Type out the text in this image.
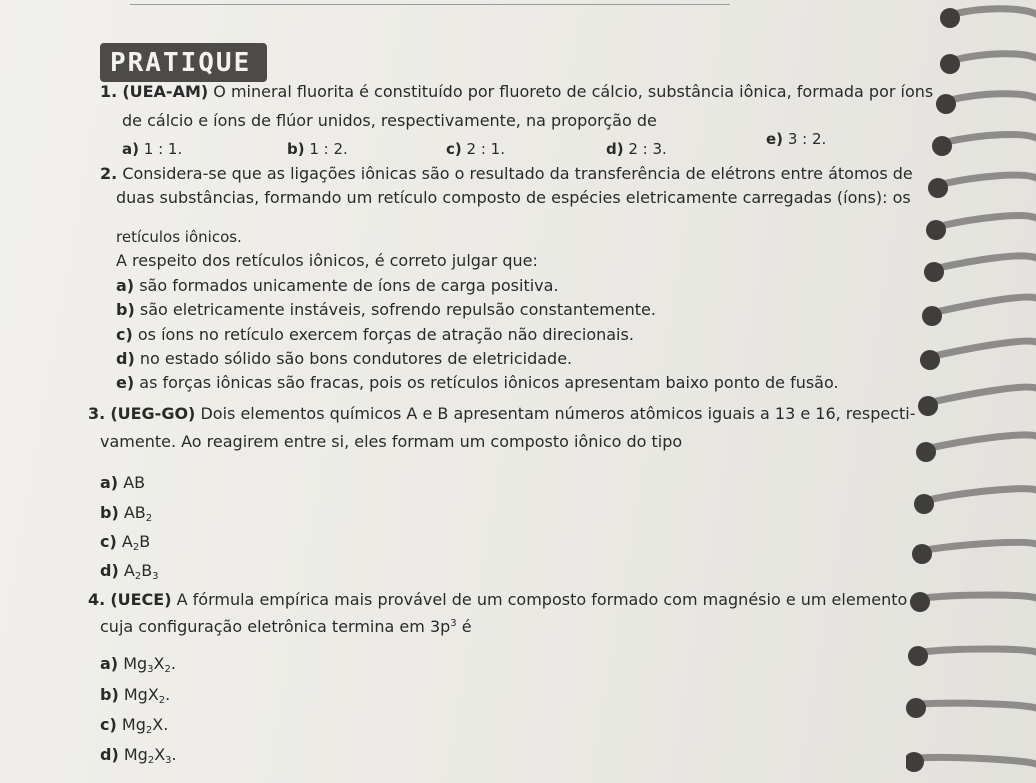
PRATIQUE
1. (UEA-AM) O mineral fluorita é constituído por fluoreto de cálcio, substância iônica, formada por íons
de cálcio e íons de flúor unidos, respectivamente, na proporção de
a) 1 : 1.	b) 1 : 2.	c) 2 : 1.	d) 2 : 3.
e) 3 : 2.
2. Considera-se que as ligações iônicas são o resultado da transferência de elétrons entre átomos de
duas substâncias, formando um retículo composto de espécies eletricamente carregadas (íons): os
retículos iônicos.
A respeito dos retículos iônicos, é correto julgar que:
a) são formados unicamente de íons de carga positiva.
b) são eletricamente instáveis, sofrendo repulsão constantemente.
c) os íons no retículo exercem forças de atração não direcionais.
d) no estado sólido são bons condutores de eletricidade.
e) as forças iônicas são fracas, pois os retículos iônicos apresentam baixo ponto de fusão.
3. (UEG-GO) Dois elementos químicos A e B apresentam números atômicos iguais a 13 e 16, respecti-
vamente. Ao reagirem entre si, eles formam um composto iônico do tipo
a) AB
b) $AB_2$
c) $A_2B$
d) $A_2B_3$
4. (UECE) A fórmula empírica mais provável de um composto formado com magnésio e um elemento
cuja configuração eletrônica termina em $3p^3$ é
a) $Mg_3X_2$.
b) MgX$_2$.
c) $Mg_2X$.
d) $Mg_2X_3$.
